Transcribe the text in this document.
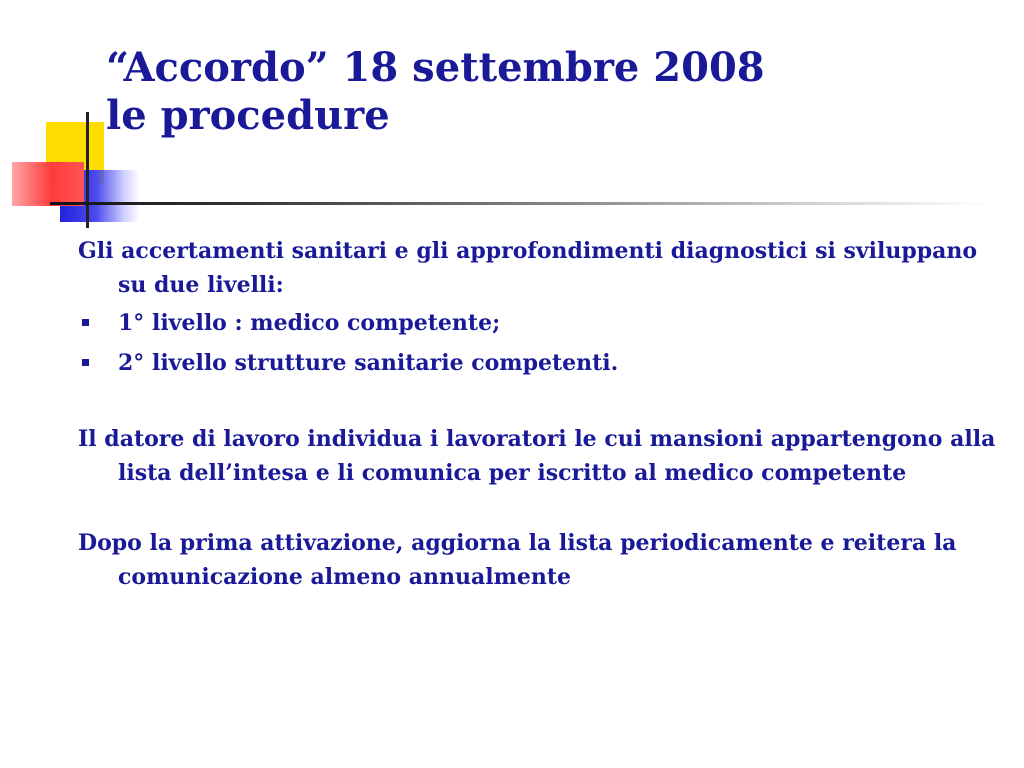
“Accordo” 18 settembre 2008
le procedure

Gli accertamenti sanitari e gli approfondimenti diagnostici si sviluppano su due livelli:

1° livello : medico competente;
2° livello strutture sanitarie competenti.

Il datore di lavoro individua i lavoratori le cui mansioni appartengono alla lista dell’intesa e li comunica per iscritto al medico competente

Dopo la prima attivazione, aggiorna la lista periodicamente e reitera la comunicazione almeno annualmente
